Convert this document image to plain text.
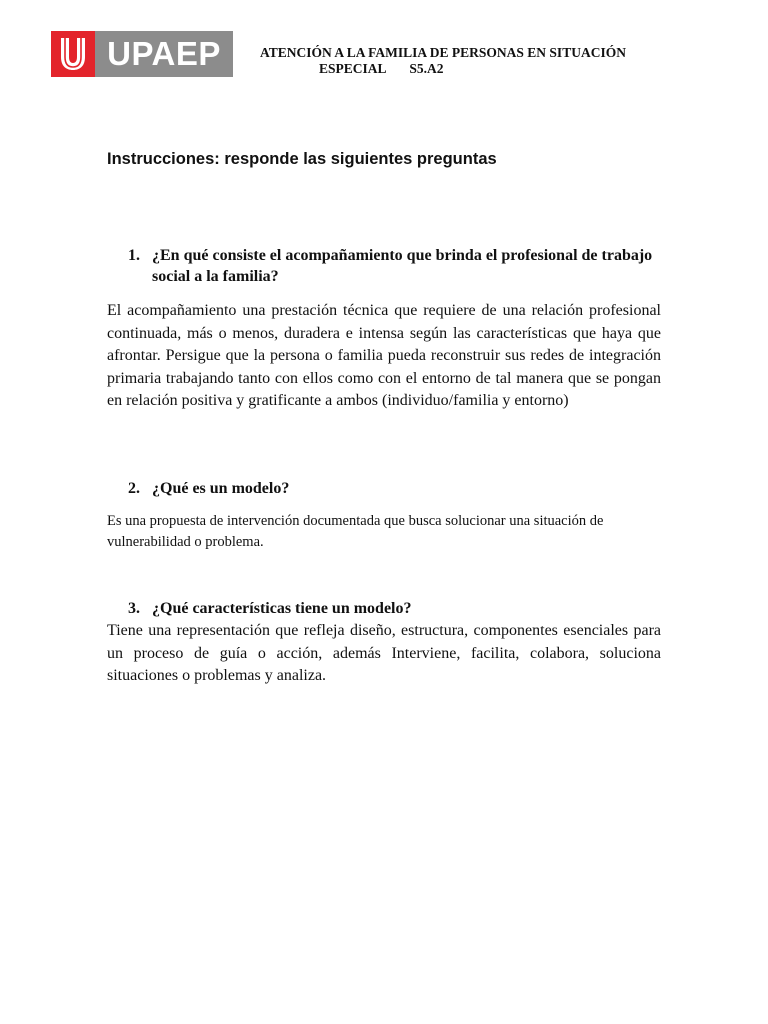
UPAEP	ATENCIÓN A LA FAMILIA DE PERSONAS EN SITUACIÓN
ESPECIAL       S5.A2
Instrucciones: responde las siguientes preguntas
1. ¿En qué consiste el acompañamiento que brinda el profesional de trabajo social a la familia?
El acompañamiento una prestación técnica que requiere de una relación profesional continuada, más o menos, duradera e intensa según las características que haya que afrontar. Persigue que la persona o familia pueda reconstruir sus redes de integración primaria trabajando tanto con ellos como con el entorno de tal manera que se pongan en relación positiva y gratificante a ambos (individuo/familia y entorno)
2. ¿Qué es un modelo?
Es una propuesta de intervención documentada que busca solucionar una situación de vulnerabilidad o problema.
3. ¿Qué características tiene un modelo?
Tiene una representación que refleja diseño, estructura, componentes esenciales para un proceso de guía o acción, además Interviene, facilita, colabora, soluciona situaciones o problemas y analiza.
